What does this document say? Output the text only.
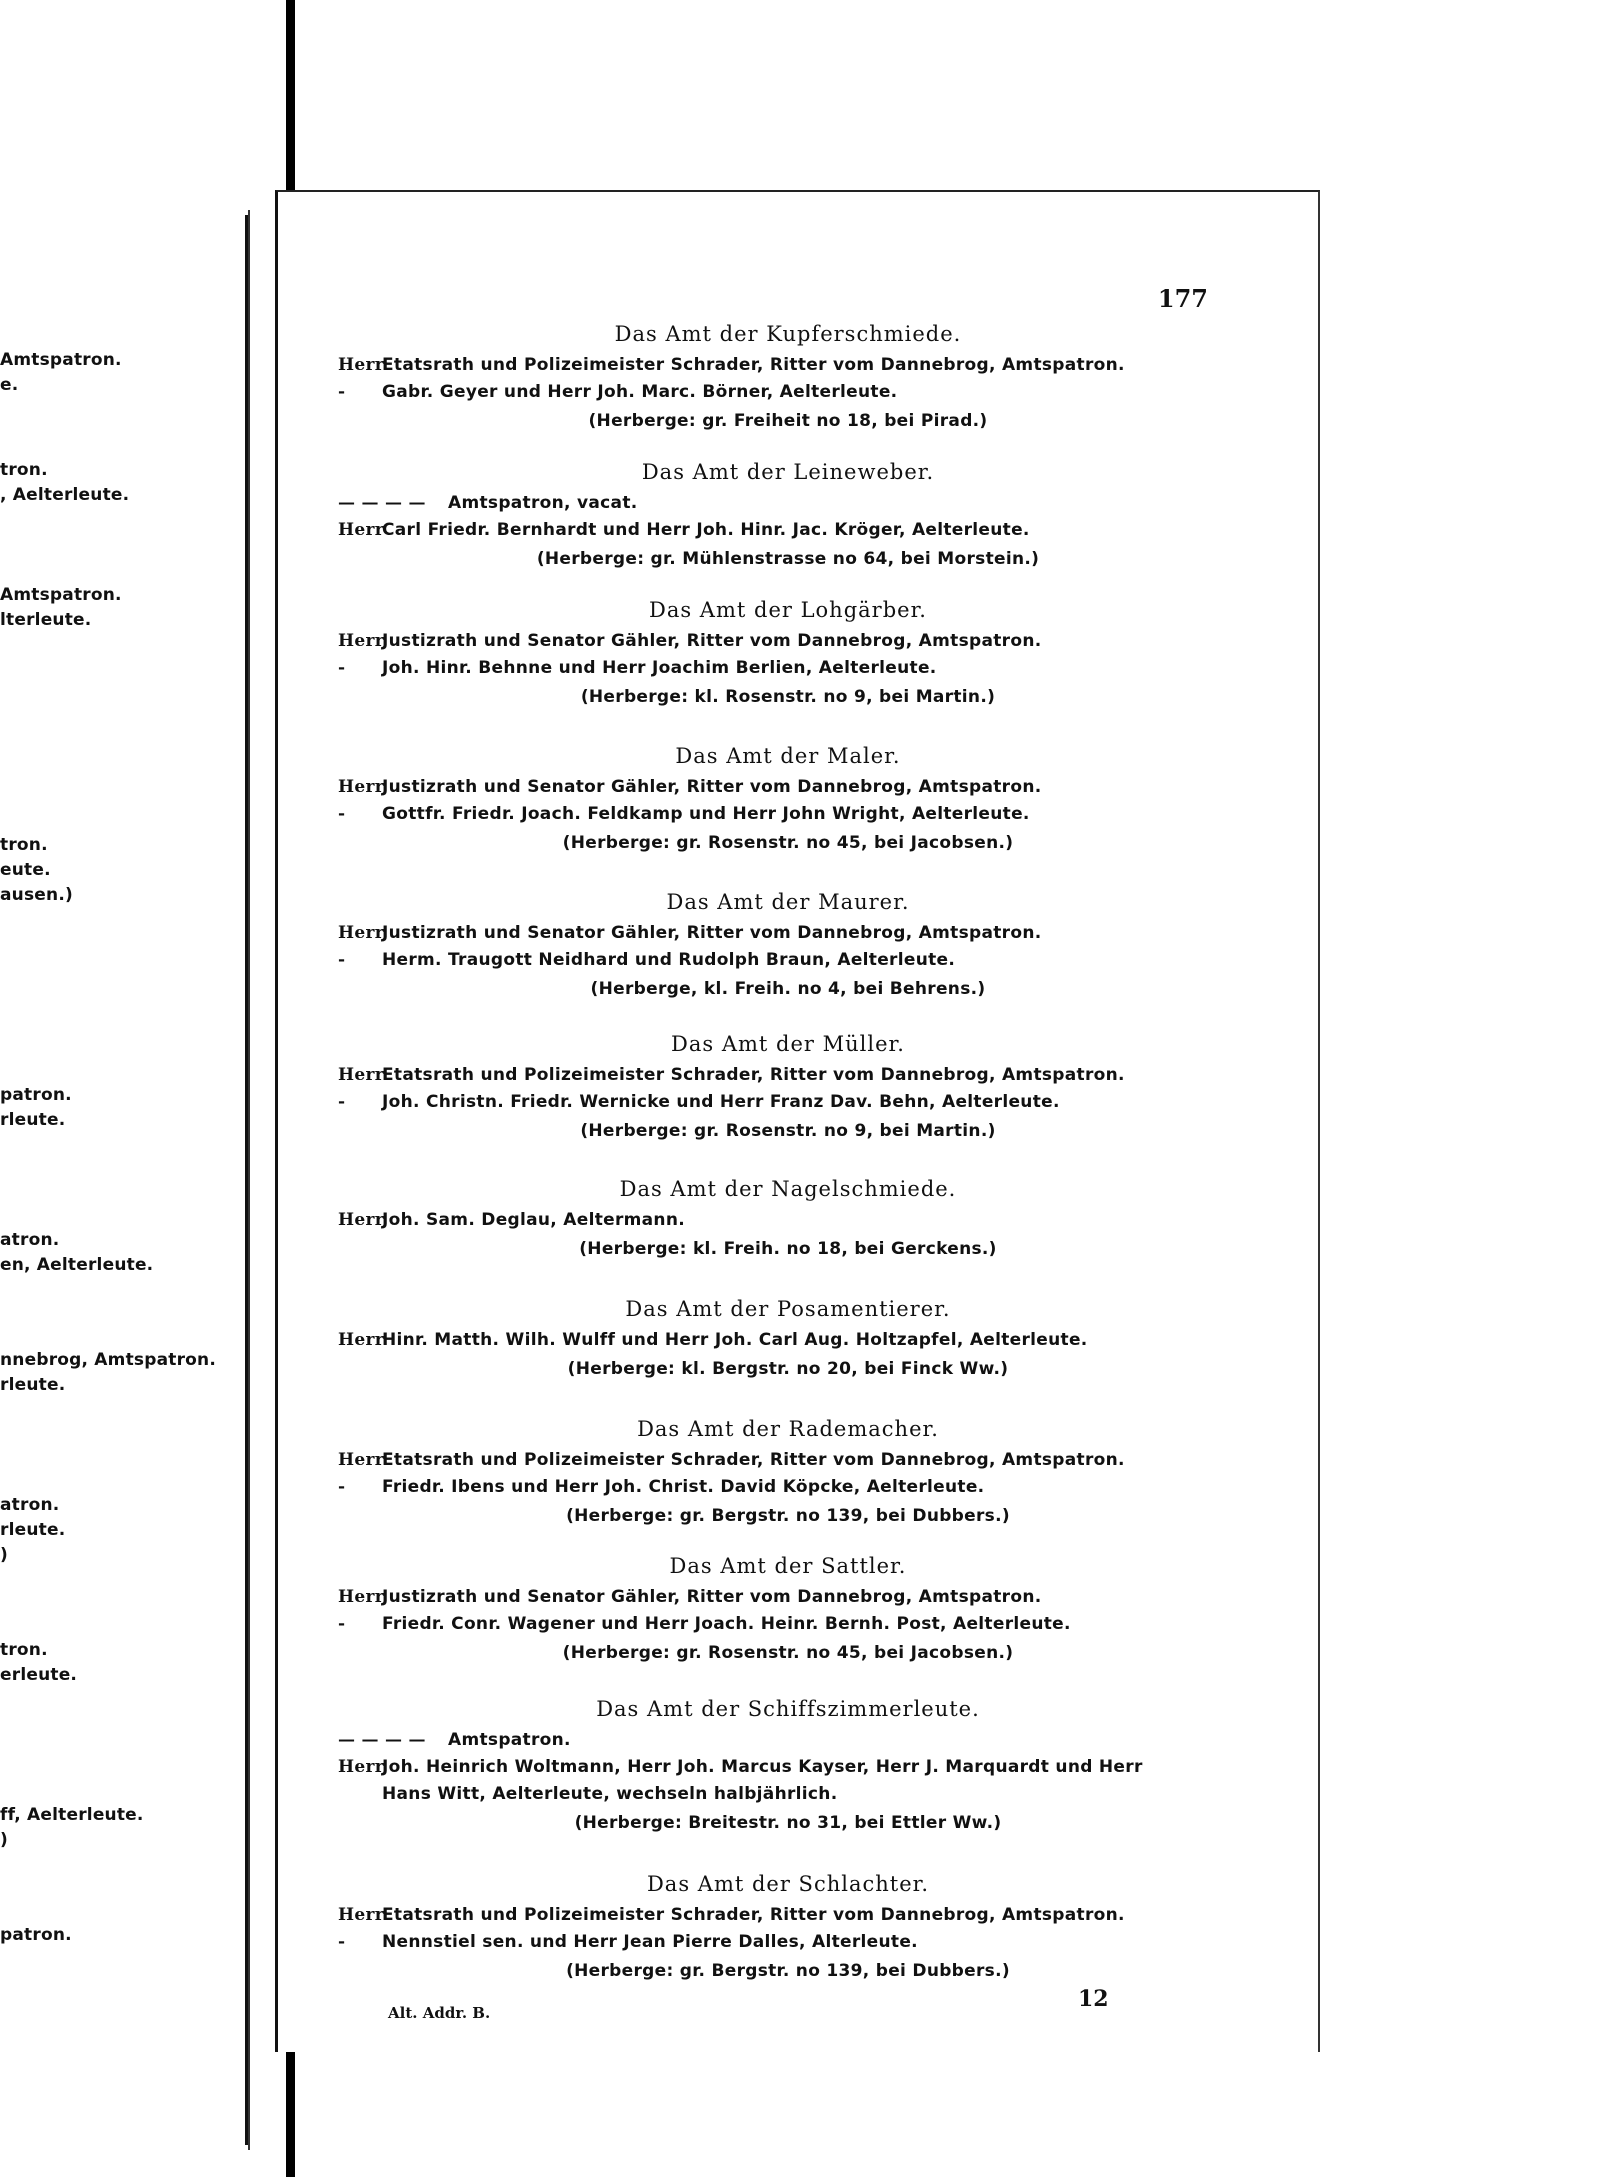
Amtspatron.
e.
tron.
, Aelterleute.
Amtspatron.
lterleute.
tron.
eute.
ausen.)
patron.
rleute.
atron.
en, Aelterleute.
nnebrog, Amtspatron.
rleute.
atron.
rleute.
)
tron.
erleute.
ff, Aelterleute.
)
patron.
177
Das Amt der Kupferschmiede.
HerrEtatsrath und Polizeimeister Schrader, Ritter vom Dannebrog, Amtspatron.
- Gabr. Geyer und Herr Joh. Marc. Börner, Aelterleute.
(Herberge: gr. Freiheit no 18, bei Pirad.)
Das Amt der Leineweber.
— — — — Amtspatron, vacat.
HerrCarl Friedr. Bernhardt und Herr Joh. Hinr. Jac. Kröger, Aelterleute.
(Herberge: gr. Mühlenstrasse no 64, bei Morstein.)
Das Amt der Lohgärber.
HerrJustizrath und Senator Gähler, Ritter vom Dannebrog, Amtspatron.
- Joh. Hinr. Behnne und Herr Joachim Berlien, Aelterleute.
(Herberge: kl. Rosenstr. no 9, bei Martin.)
Das Amt der Maler.
HerrJustizrath und Senator Gähler, Ritter vom Dannebrog, Amtspatron.
- Gottfr. Friedr. Joach. Feldkamp und Herr John Wright, Aelterleute.
(Herberge: gr. Rosenstr. no 45, bei Jacobsen.)
Das Amt der Maurer.
HerrJustizrath und Senator Gähler, Ritter vom Dannebrog, Amtspatron.
- Herm. Traugott Neidhard und Rudolph Braun, Aelterleute.
(Herberge, kl. Freih. no 4, bei Behrens.)
Das Amt der Müller.
HerrEtatsrath und Polizeimeister Schrader, Ritter vom Dannebrog, Amtspatron.
- Joh. Christn. Friedr. Wernicke und Herr Franz Dav. Behn, Aelterleute.
(Herberge: gr. Rosenstr. no 9, bei Martin.)
Das Amt der Nagelschmiede.
HerrJoh. Sam. Deglau, Aeltermann.
(Herberge: kl. Freih. no 18, bei Gerckens.)
Das Amt der Posamentierer.
HerrHinr. Matth. Wilh. Wulff und Herr Joh. Carl Aug. Holtzapfel, Aelterleute.
(Herberge: kl. Bergstr. no 20, bei Finck Ww.)
Das Amt der Rademacher.
HerrEtatsrath und Polizeimeister Schrader, Ritter vom Dannebrog, Amtspatron.
- Friedr. Ibens und Herr Joh. Christ. David Köpcke, Aelterleute.
(Herberge: gr. Bergstr. no 139, bei Dubbers.)
Das Amt der Sattler.
HerrJustizrath und Senator Gähler, Ritter vom Dannebrog, Amtspatron.
- Friedr. Conr. Wagener und Herr Joach. Heinr. Bernh. Post, Aelterleute.
(Herberge: gr. Rosenstr. no 45, bei Jacobsen.)
Das Amt der Schiffszimmerleute.
— — — — Amtspatron.
HerrJoh. Heinrich Woltmann, Herr Joh. Marcus Kayser, Herr J. Marquardt und Herr
Hans Witt, Aelterleute, wechseln halbjährlich.
(Herberge: Breitestr. no 31, bei Ettler Ww.)
Das Amt der Schlachter.
HerrEtatsrath und Polizeimeister Schrader, Ritter vom Dannebrog, Amtspatron.
- Nennstiel sen. und Herr Jean Pierre Dalles, Alterleute.
(Herberge: gr. Bergstr. no 139, bei Dubbers.)
Alt. Addr. B.
12
